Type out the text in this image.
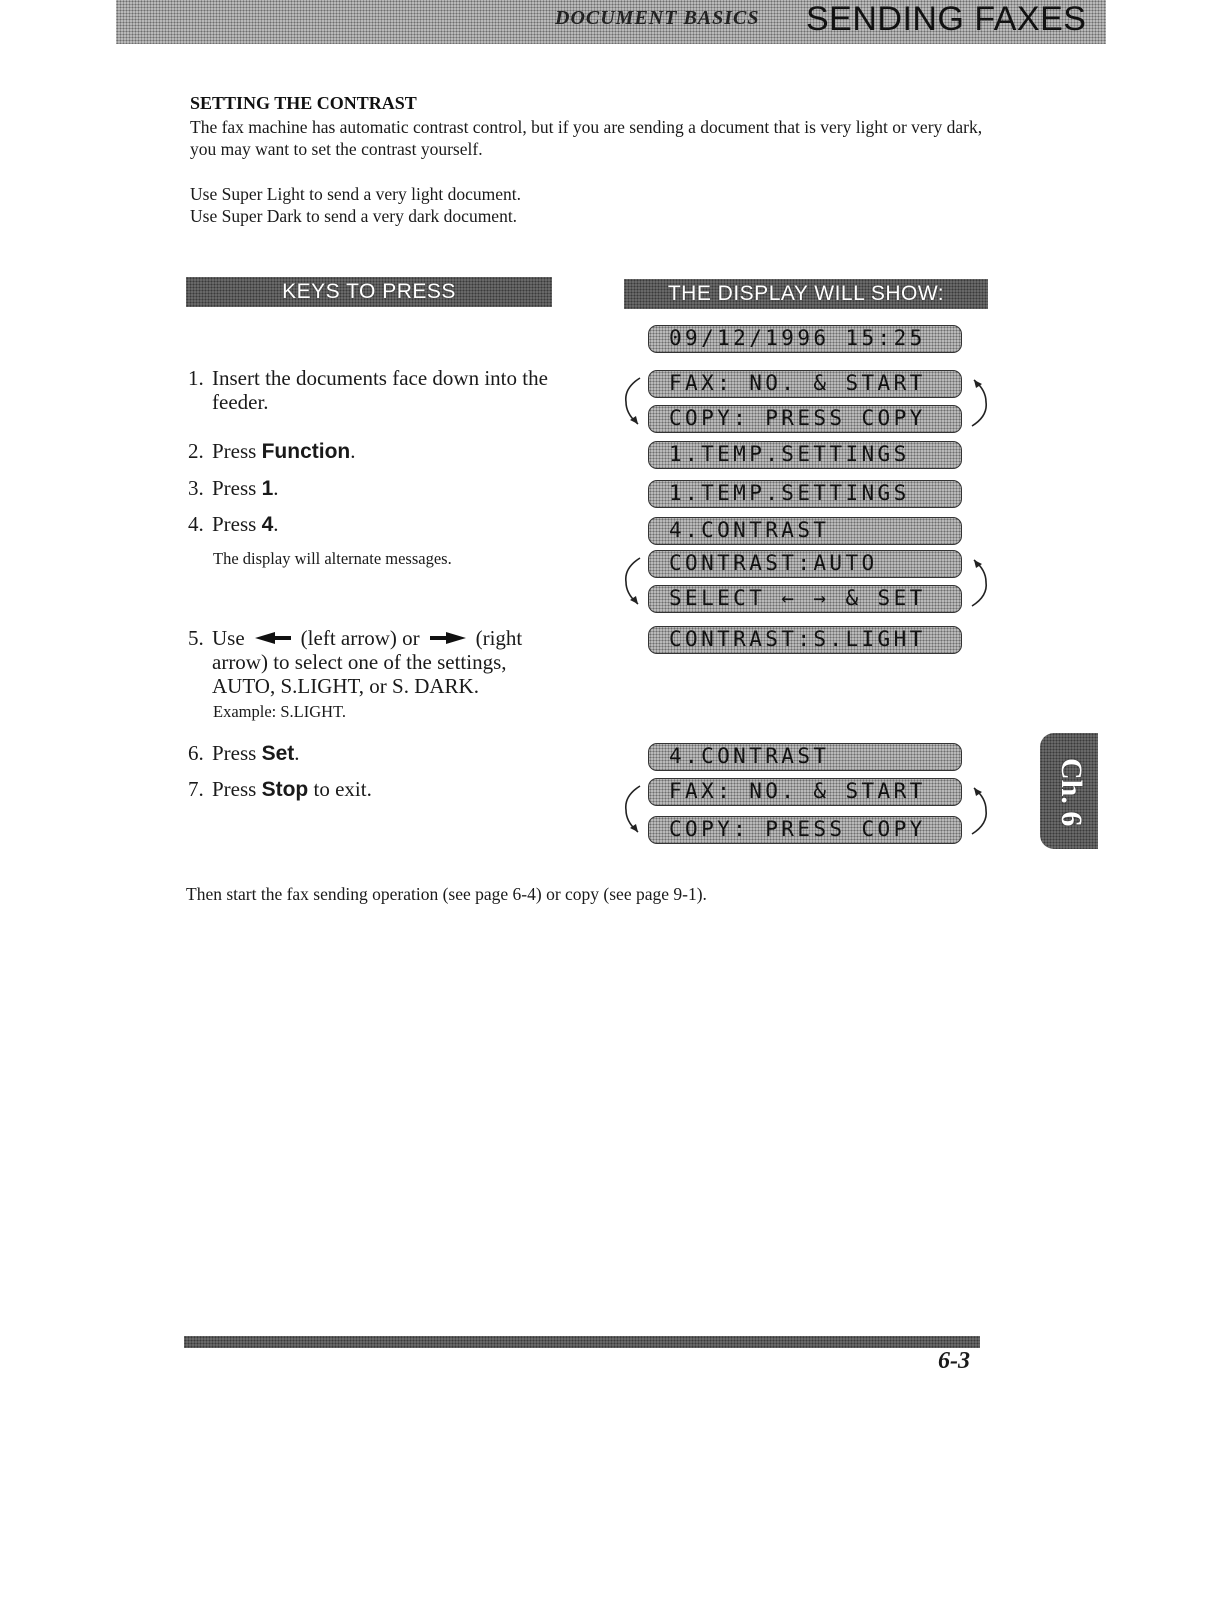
DOCUMENT BASICS SENDING FAXES
SETTING THE CONTRAST

The fax machine has automatic contrast control, but if you are sending a document that is very light or very dark, you may want to set the contrast yourself.

Use Super Light to send a very light document.
Use Super Dark to send a very dark document.
KEYS TO PRESS	THE DISPLAY WILL SHOW:
1. Insert the documents face down into the feeder.
2. Press Function.
3. Press 1.
4. Press 4.
The display will alternate messages.
5. Use	(left arrow) or	(right
arrow) to select one of the settings,
AUTO, S.LIGHT, or S. DARK.
Example: S.LIGHT.
6. Press Set.
7. Press Stop to exit.
09/12/1996 15:25
FAX: NO. & START
COPY: PRESS COPY
1.TEMP.SETTINGS
1.TEMP.SETTINGS
4.CONTRAST
CONTRAST:AUTO
SELECT ← → & SET
CONTRAST:S.LIGHT
4.CONTRAST
FAX: NO. & START
COPY: PRESS COPY
Then start the fax sending operation (see page 6-4) or copy (see page 9-1).
Ch. 6
6-3
